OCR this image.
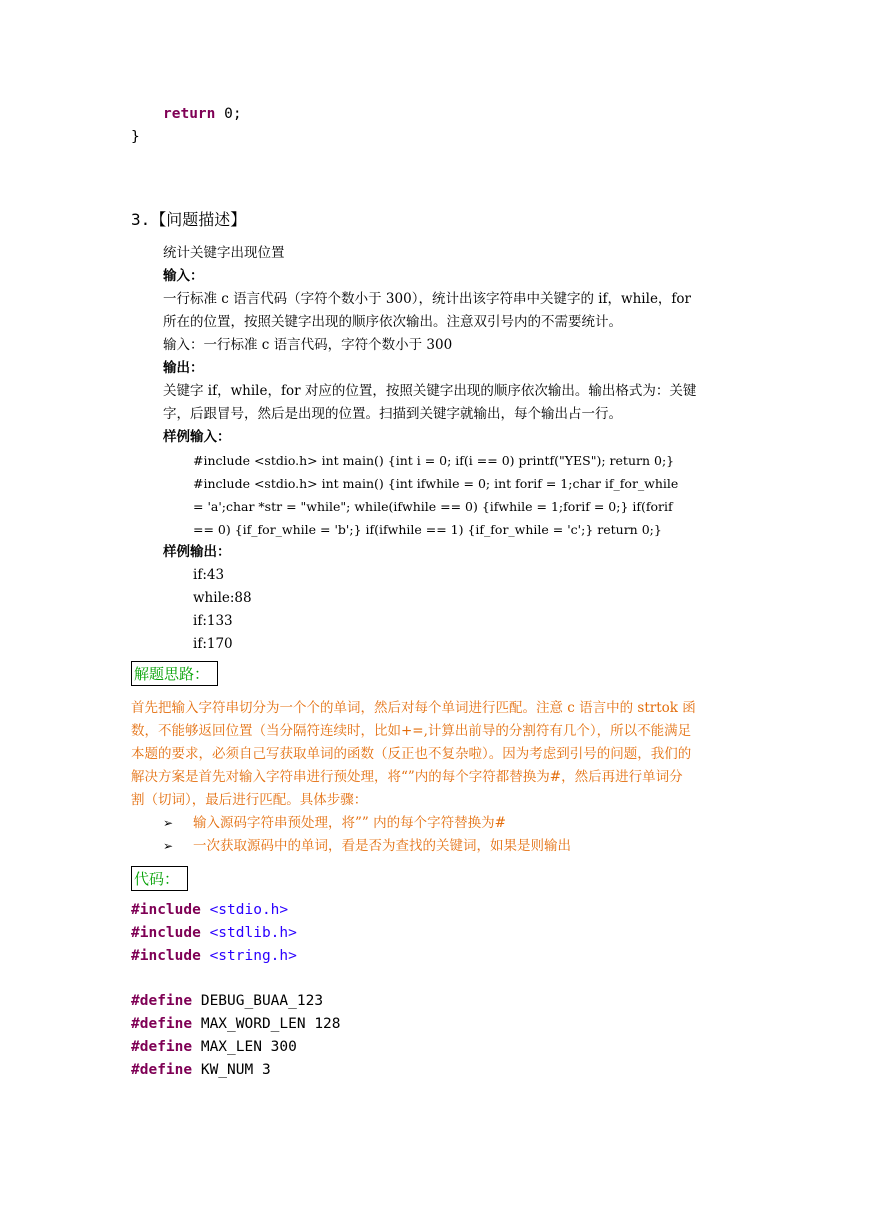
return 0;
}
3.【问题描述】
统计关键字出现位置
输入：
一行标准 c 语言代码（字符个数小于 300），统计出该字符串中关键字的 if，while，for
所在的位置，按照关键字出现的顺序依次输出。注意双引号内的不需要统计。
输入：一行标准 c 语言代码，字符个数小于 300
输出：
关键字 if，while，for 对应的位置，按照关键字出现的顺序依次输出。输出格式为：关键
字，后跟冒号，然后是出现的位置。扫描到关键字就输出，每个输出占一行。
样例输入：
#include <stdio.h> int main() {int i = 0; if(i == 0) printf("YES"); return 0;}
#include <stdio.h> int main() {int ifwhile = 0; int forif = 1;char if_for_while
= 'a';char *str = "while"; while(ifwhile == 0) {ifwhile = 1;forif = 0;} if(forif
== 0) {if_for_while = 'b';} if(ifwhile == 1) {if_for_while = 'c';} return 0;}
样例输出：
if:43
while:88
if:133
if:170
解题思路：
首先把输入字符串切分为一个个的单词，然后对每个单词进行匹配。注意 c 语言中的 strtok 函
数，不能够返回位置（当分隔符连续时，比如+=,计算出前导的分割符有几个），所以不能满足
本题的要求，必须自己写获取单词的函数（反正也不复杂啦）。因为考虑到引号的问题，我们的
解决方案是首先对输入字符串进行预处理，将“”内的每个字符都替换为#，然后再进行单词分
割（切词），最后进行匹配。具体步骤：
➢ 输入源码字符串预处理，将”” 内的每个字符替换为#
➢ 一次获取源码中的单词，看是否为查找的关键词，如果是则输出
代码：
#include <stdio.h>
#include <stdlib.h>
#include <string.h>
#define DEBUG_BUAA_123
#define MAX_WORD_LEN 128
#define MAX_LEN 300
#define KW_NUM 3
